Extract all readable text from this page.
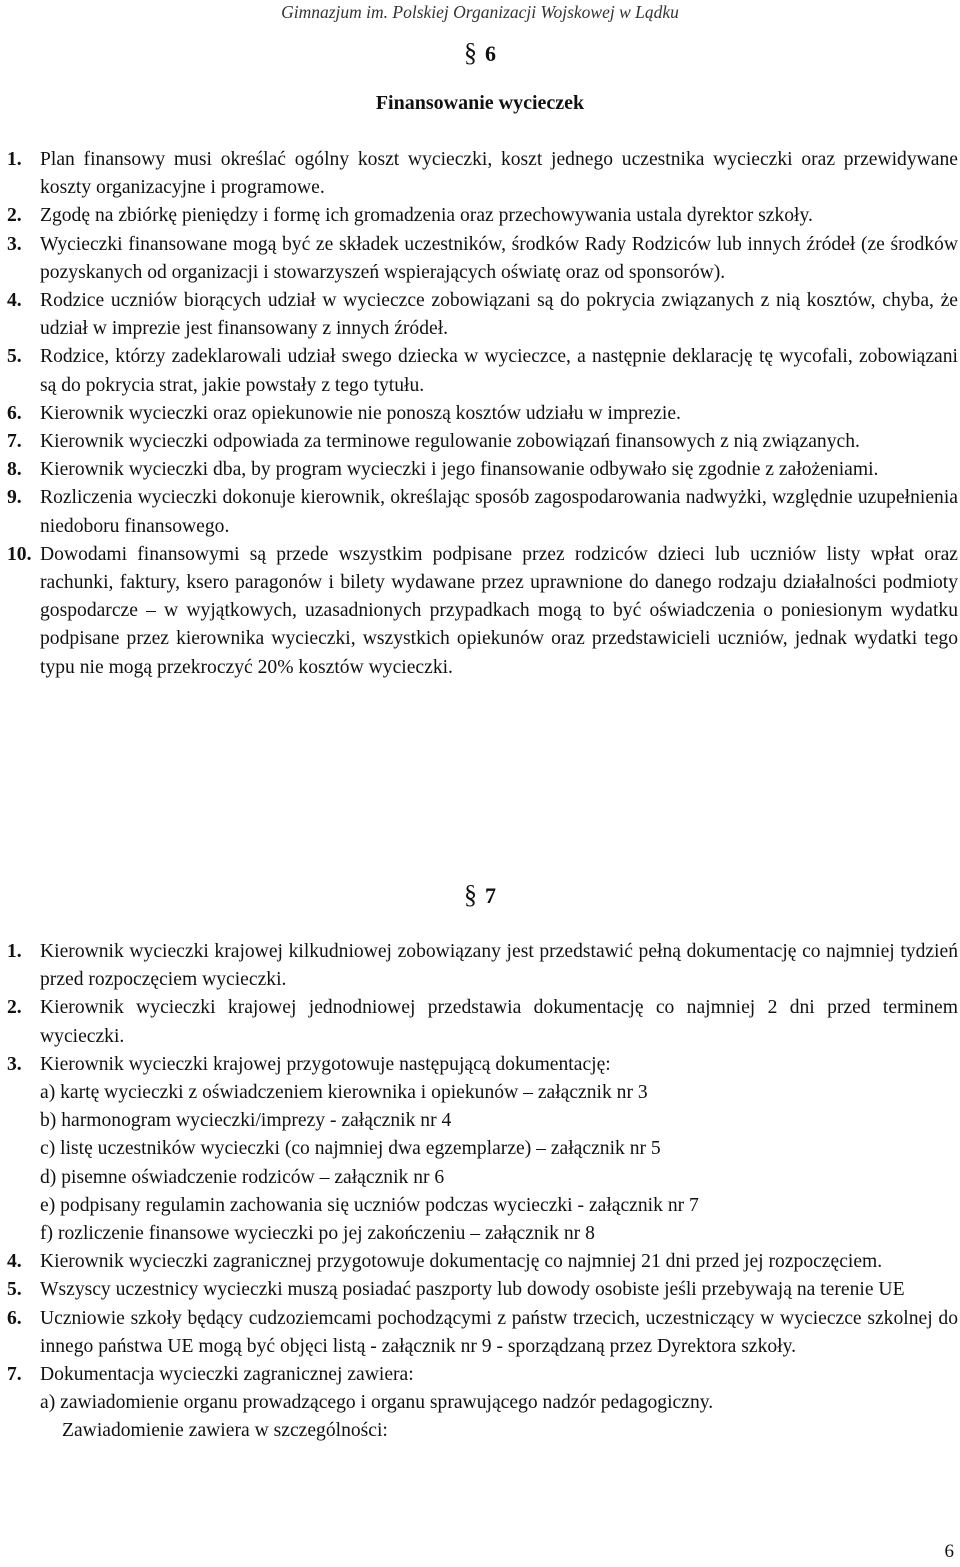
Gimnazjum im. Polskiej Organizacji Wojskowej w Lądku
§ 6
Finansowanie wycieczek
1. Plan finansowy musi określać ogólny koszt wycieczki, koszt jednego uczestnika wycieczki oraz przewidywane koszty organizacyjne i programowe.
2. Zgodę na zbiórkę pieniędzy i formę ich gromadzenia oraz przechowywania ustala dyrektor szkoły.
3. Wycieczki finansowane mogą być ze składek uczestników, środków Rady Rodziców lub innych źródeł (ze środków pozyskanych od organizacji i stowarzyszeń wspierających oświatę oraz od sponsorów).
4. Rodzice uczniów biorących udział w wycieczce zobowiązani są do pokrycia związanych z nią kosztów, chyba, że udział w imprezie jest finansowany z innych źródeł.
5. Rodzice, którzy zadeklarowali udział swego dziecka w wycieczce, a następnie deklarację tę wycofali, zobowiązani są do pokrycia strat, jakie powstały z tego tytułu.
6. Kierownik wycieczki oraz opiekunowie nie ponoszą kosztów udziału w imprezie.
7. Kierownik wycieczki odpowiada za terminowe regulowanie zobowiązań finansowych z nią związanych.
8. Kierownik wycieczki dba, by program wycieczki i jego finansowanie odbywało się zgodnie z założeniami.
9. Rozliczenia wycieczki dokonuje kierownik, określając sposób zagospodarowania nadwyżki, względnie uzupełnienia niedoboru finansowego.
10. Dowodami finansowymi są przede wszystkim podpisane przez rodziców dzieci lub uczniów listy wpłat oraz rachunki, faktury, ksero paragonów i bilety wydawane przez uprawnione do danego rodzaju działalności podmioty gospodarcze – w wyjątkowych, uzasadnionych przypadkach mogą to być oświadczenia o poniesionym wydatku podpisane przez kierownika wycieczki, wszystkich opiekunów oraz przedstawicieli uczniów, jednak wydatki tego typu nie mogą przekroczyć 20% kosztów wycieczki.
§ 7
1. Kierownik wycieczki krajowej kilkudniowej zobowiązany jest przedstawić pełną dokumentację co najmniej tydzień przed rozpoczęciem wycieczki.
2. Kierownik wycieczki krajowej jednodniowej przedstawia dokumentację co najmniej 2 dni przed terminem wycieczki.
3. Kierownik wycieczki krajowej przygotowuje następującą dokumentację:
a) kartę wycieczki z oświadczeniem kierownika i opiekunów – załącznik nr 3
b) harmonogram wycieczki/imprezy - załącznik nr 4
c) listę uczestników wycieczki (co najmniej dwa egzemplarze) – załącznik nr 5
d) pisemne oświadczenie rodziców – załącznik nr 6
e) podpisany regulamin zachowania się uczniów podczas wycieczki - załącznik nr 7
f) rozliczenie finansowe wycieczki po jej zakończeniu – załącznik nr 8
4. Kierownik wycieczki zagranicznej przygotowuje dokumentację co najmniej 21 dni przed jej rozpoczęciem.
5. Wszyscy uczestnicy wycieczki muszą posiadać paszporty lub dowody osobiste jeśli przebywają na terenie UE
6. Uczniowie szkoły będący cudzoziemcami pochodzącymi z państw trzecich, uczestniczący w wycieczce szkolnej do innego państwa UE mogą być objęci listą - załącznik nr 9 - sporządzaną przez Dyrektora szkoły.
7. Dokumentacja wycieczki zagranicznej zawiera:
a) zawiadomienie organu prowadzącego i organu sprawującego nadzór pedagogiczny.
Zawiadomienie zawiera w szczególności:
6
